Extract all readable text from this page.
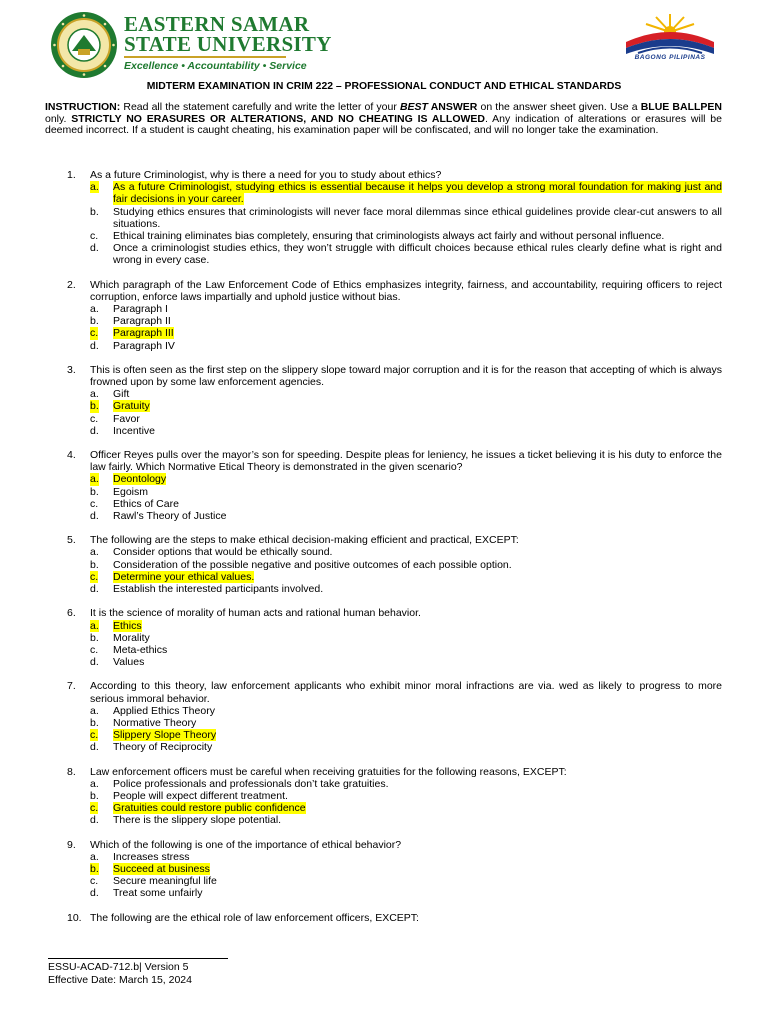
EASTERN SAMAR
STATE UNIVERSITY
Excellence • Accountability • Service
BAGONG PILIPINAS
MIDTERM EXAMINATION IN CRIM 222 – PROFESSIONAL CONDUCT AND ETHICAL STANDARDS
INSTRUCTION: Read all the statement carefully and write the letter of your BEST ANSWER on the answer sheet given. Use a BLUE BALLPEN only. STRICTLY NO ERASURES OR ALTERATIONS, AND NO CHEATING IS ALLOWED. Any indication of alterations or erasures will be deemed incorrect. If a student is caught cheating, his examination paper will be confiscated, and will no longer take the examination.
1. As a future Criminologist, why is there a need for you to study about ethics?
a. As a future Criminologist, studying ethics is essential because it helps you develop a strong moral foundation for making just and fair decisions in your career.
b. Studying ethics ensures that criminologists will never face moral dilemmas since ethical guidelines provide clear-cut answers to all situations.
c. Ethical training eliminates bias completely, ensuring that criminologists always act fairly and without personal influence.
d. Once a criminologist studies ethics, they won’t struggle with difficult choices because ethical rules clearly define what is right and wrong in every case.
2. Which paragraph of the Law Enforcement Code of Ethics emphasizes integrity, fairness, and accountability, requiring officers to reject corruption, enforce laws impartially and uphold justice without bias.
a. Paragraph I
b. Paragraph II
c. Paragraph III
d. Paragraph IV
3. This is often seen as the first step on the slippery slope toward major corruption and it is for the reason that accepting of which is always frowned upon by some law enforcement agencies.
a. Gift
b. Gratuity
c. Favor
d. Incentive
4. Officer Reyes pulls over the mayor’s son for speeding. Despite pleas for leniency, he issues a ticket believing it is his duty to enforce the law fairly. Which Normative Etical Theory is demonstrated in the given scenario?
a. Deontology
b. Egoism
c. Ethics of Care
d. Rawl’s Theory of Justice
5. The following are the steps to make ethical decision-making efficient and practical, EXCEPT:
a. Consider options that would be ethically sound.
b. Consideration of the possible negative and positive outcomes of each possible option.
c. Determine your ethical values.
d. Establish the interested participants involved.
6. It is the science of morality of human acts and rational human behavior.
a. Ethics
b. Morality
c. Meta-ethics
d. Values
7. According to this theory, law enforcement applicants who exhibit minor moral infractions are via. wed as likely to progress to more serious immoral behavior.
a. Applied Ethics Theory
b. Normative Theory
c. Slippery Slope Theory
d. Theory of Reciprocity
8. Law enforcement officers must be careful when receiving gratuities for the following reasons, EXCEPT:
a. Police professionals and professionals don’t take gratuities.
b. People will expect different treatment.
c. Gratuities could restore public confidence
d. There is the slippery slope potential.
9. Which of the following is one of the importance of ethical behavior?
a. Increases stress
b. Succeed at business
c. Secure meaningful life
d. Treat some unfairly
10. The following are the ethical role of law enforcement officers, EXCEPT:
ESSU-ACAD-712.b| Version 5
Effective Date: March 15, 2024
